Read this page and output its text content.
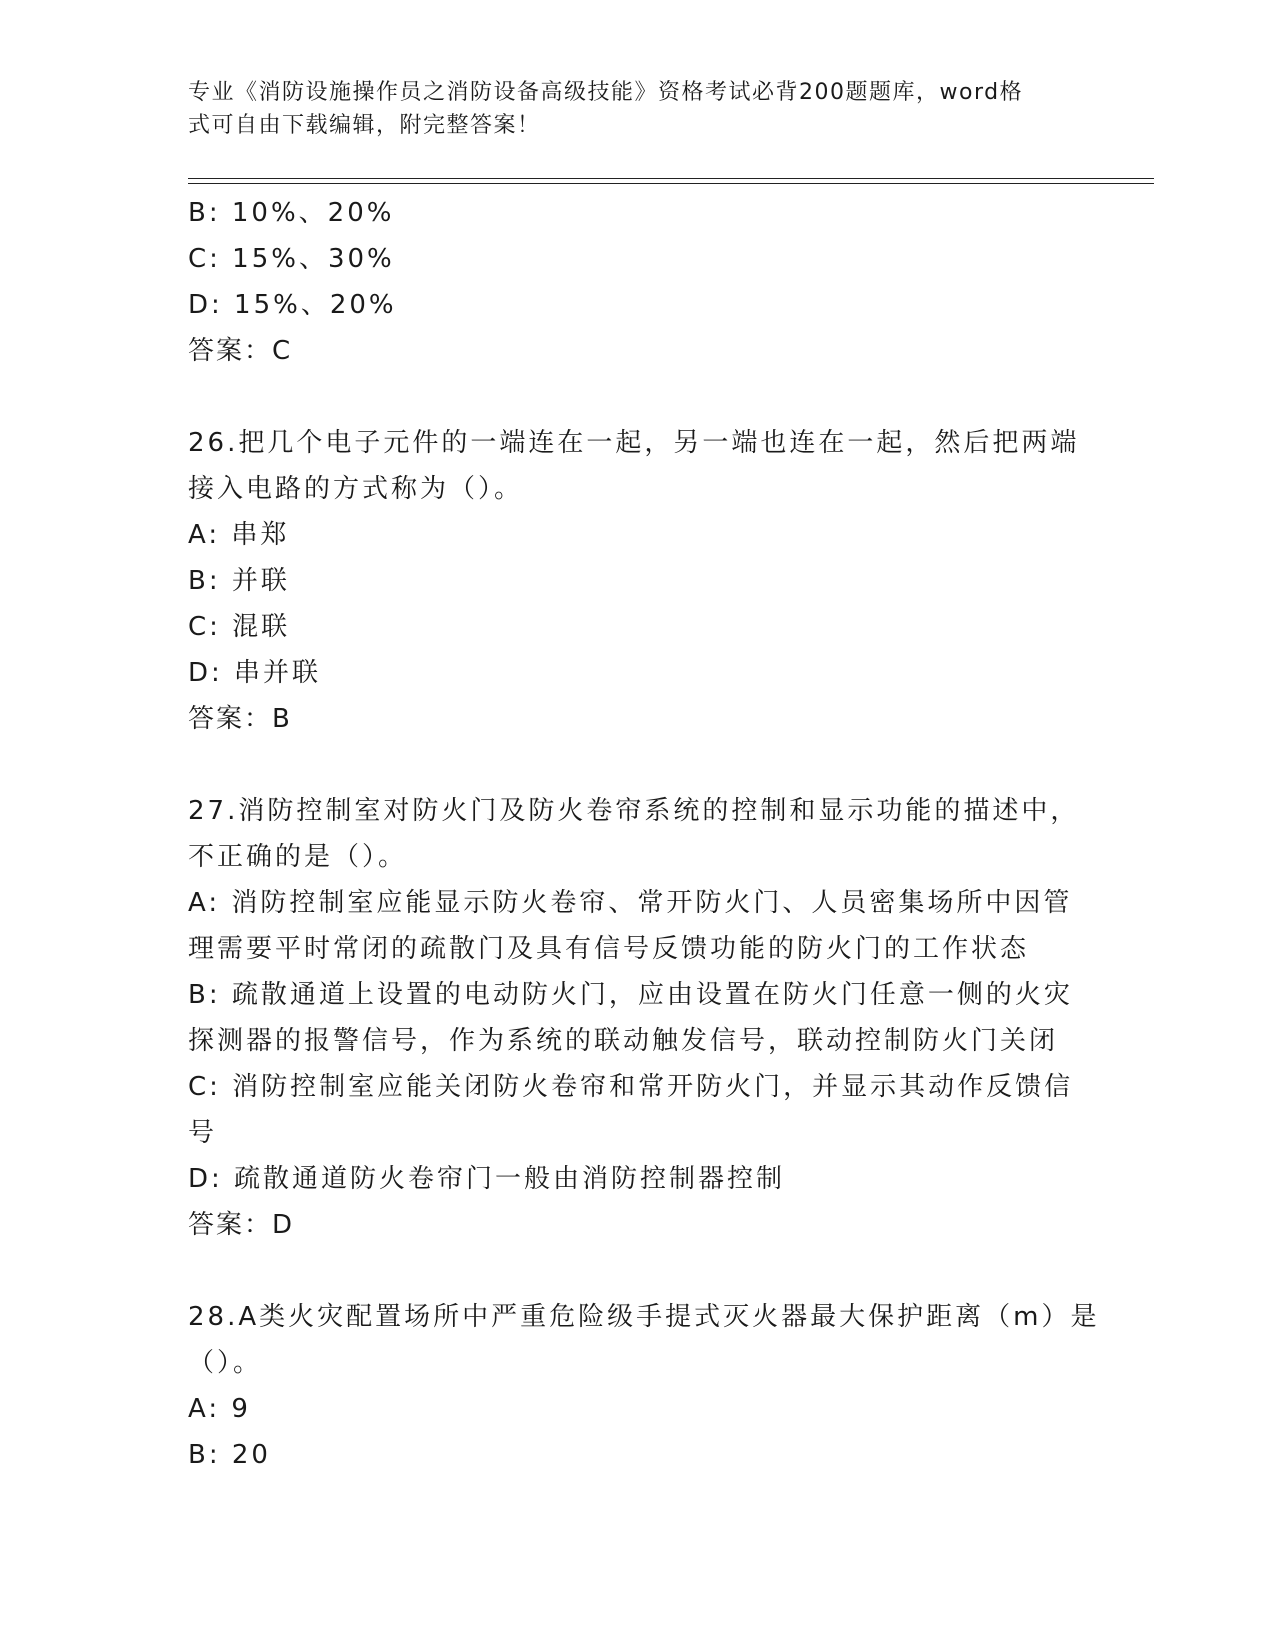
专业《消防设施操作员之消防设备高级技能》资格考试必背200题题库，word格
式可自由下载编辑，附完整答案！
B: 10%、20%
C: 15%、30%
D: 15%、20%
答案：C
26.把几个电子元件的一端连在一起，另一端也连在一起，然后把两端
接入电路的方式称为（）。
A: 串郑
B: 并联
C: 混联
D: 串并联
答案：B
27.消防控制室对防火门及防火卷帘系统的控制和显示功能的描述中，
不正确的是（）。
A: 消防控制室应能显示防火卷帘、常开防火门、人员密集场所中因管
理需要平时常闭的疏散门及具有信号反馈功能的防火门的工作状态
B: 疏散通道上设置的电动防火门，应由设置在防火门任意一侧的火灾
探测器的报警信号，作为系统的联动触发信号，联动控制防火门关闭
C: 消防控制室应能关闭防火卷帘和常开防火门，并显示其动作反馈信
号
D: 疏散通道防火卷帘门一般由消防控制器控制
答案：D
28.A类火灾配置场所中严重危险级手提式灭火器最大保护距离（m）是
（）。
A: 9
B: 20
